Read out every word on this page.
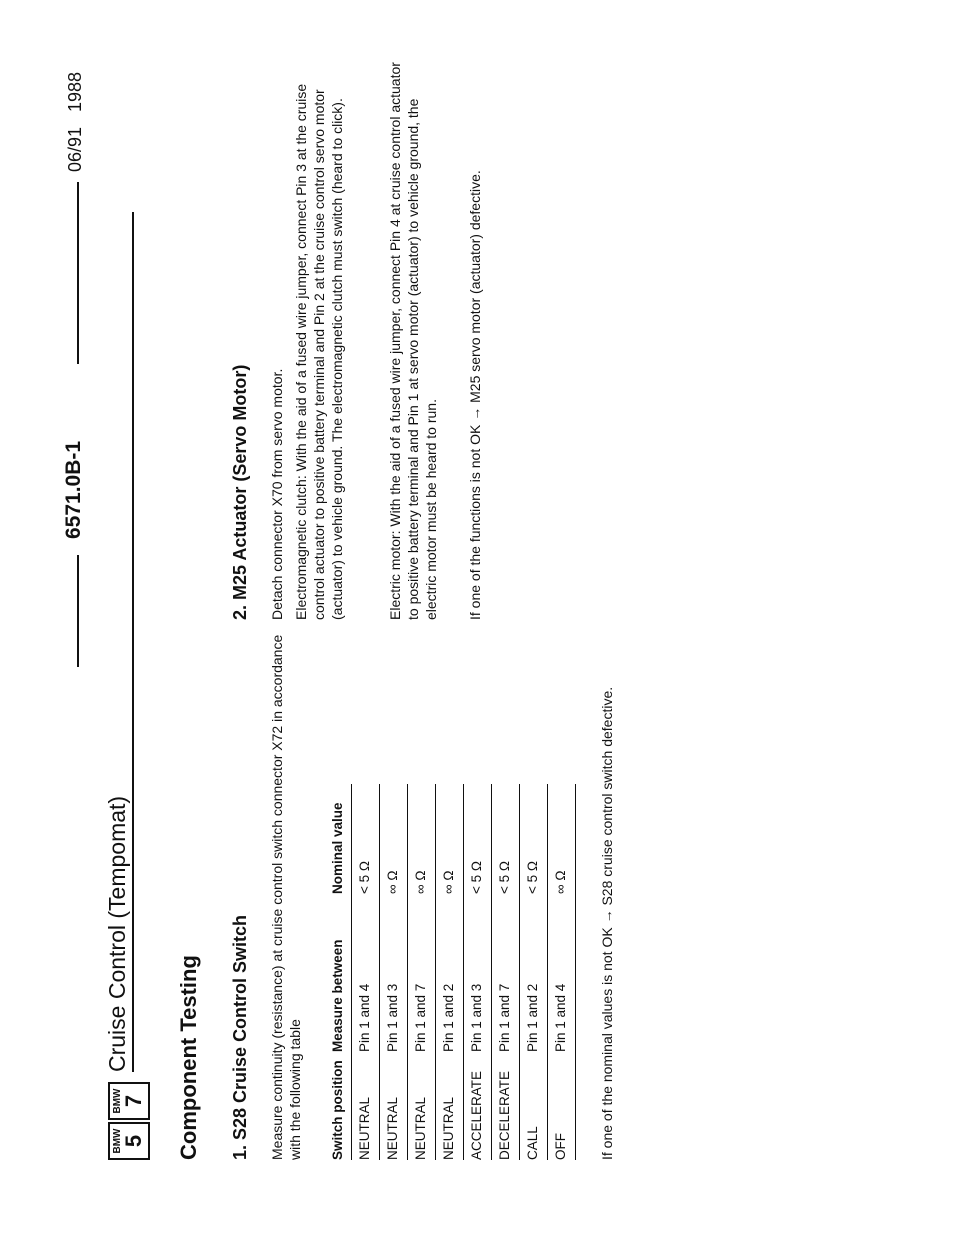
BMW
5
BMW
7
Cruise Control (Tempomat)
06/91
6571.0B-1
1988
Component Testing 1. S28 Cruise Control Switch Measure continuity (resistance) at cruise control switch connector X72 in accordance with the following table Switch position	Measure between	Nominal value
NEUTRAL	Pin 1 and 4	< 5 Ω
NEUTRAL	Pin 1 and 3	∞ Ω
NEUTRAL	Pin 1 and 7	∞ Ω
NEUTRAL	Pin 1 and 2	∞ Ω
ACCELERATE	Pin 1 and 3	< 5 Ω
DECELERATE	Pin 1 and 7	< 5 Ω
CALL	Pin 1 and 2	< 5 Ω
OFF	Pin 1 and 4	∞ Ω If one of the nominal values is not OK → S28 cruise control switch defective.
2. M25 Actuator (Servo Motor) Detach connector X70 from servo motor. Electromagnetic clutch: With the aid of a fused wire jumper, connect Pin 3 at the cruise control actuator to positive battery terminal and Pin 2 at the cruise control servo motor (actuator) to vehicle ground. The electromagnetic clutch must switch (heard to click).	Electric motor: With the aid of a fused wire jumper, connect Pin 4 at cruise control actuator to positive battery terminal and Pin 1 at servo motor (actuator) to vehicle ground, the electric motor must be heard to run. If one of the functions is not OK → M25 servo motor (actuator) defective.
